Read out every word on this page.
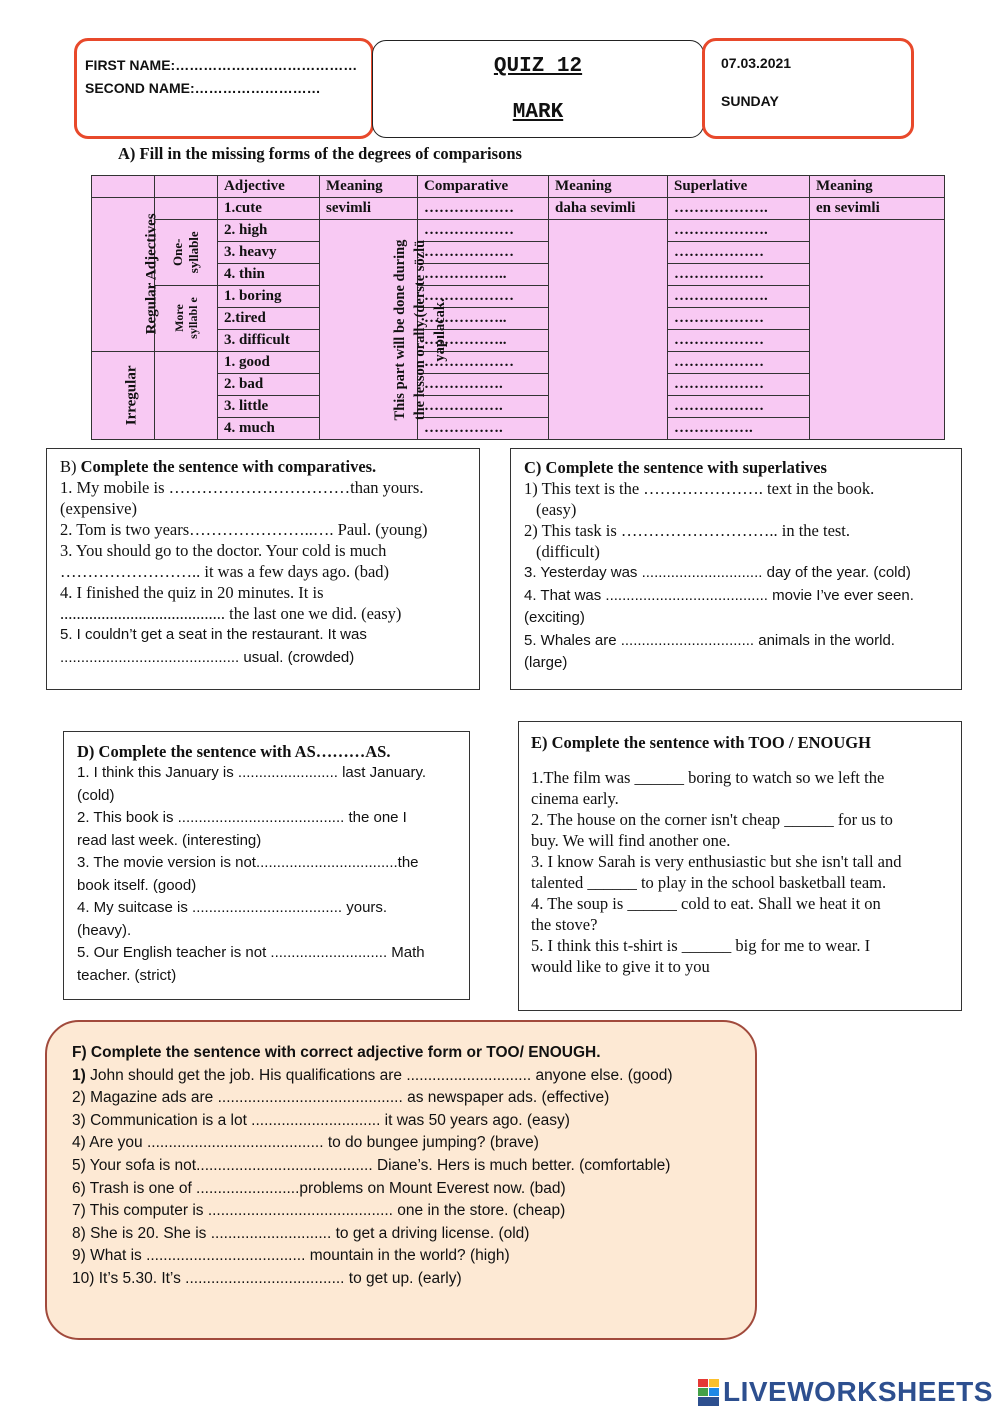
FIRST NAME:…………………………………
SECOND NAME:………………………
QUIZ 12
MARK
07.03.2021
SUNDAY
A) Fill in the missing forms of the degrees of comparisons
		Adjective	Meaning	Comparative	Meaning	Superlative	Meaning
Regular Adjectives		1.cute	sevimli	………………	daha sevimli	……………….	en sevimli
	One-syllable	2. high	This part will be done during the lesson orally.(derste sözlü yapılacak.	………………		……………….	
		3. heavy		………………		………………	
		4. thin		……………..		………………	
	More syllabl e	1. boring		………………		……………….	
		2.tired		……………..		………………	
		3. difficult		……………..		………………	
Irregular		1. good		………………		………………	
		2. bad		…………….		………………	
		3. little		…………….		………………	
		4. much		…………….		…………….	

B) Complete the sentence with comparatives.

1. My mobile is ……………………………than yours.

(expensive)

2. Tom is two years…………………..…. Paul. (young)

3. You should go to the doctor. Your cold is much

…………………….. it was a few days ago. (bad)

4. I finished the quiz in 20 minutes. It is

........................................ the last one we did. (easy)

5. I couldn’t get a seat in the restaurant. It was

........................................... usual. (crowded)

C) Complete the sentence with superlatives

1) This text is the …………………. text in the book.

(easy)

2) This task is ……………………….. in the test.

(difficult)

3. Yesterday was ............................. day of the year. (cold)

4. That was ....................................... movie I’ve ever seen.

(exciting)

5. Whales are ................................ animals in the world.

(large)

D) Complete the sentence with AS………AS.

1. I think this January is ........................ last January.

(cold)

2. This book is ........................................ the one I

read last week. (interesting)

3. The movie version is not..................................the

book itself. (good)

4. My suitcase is .................................... yours.

(heavy).

5. Our English teacher is not ............................ Math

teacher. (strict)

E) Complete the sentence with TOO / ENOUGH

1.The film was ______ boring to watch so we left the

cinema early.

2. The house on the corner isn't cheap ______ for us to

buy. We will find another one.

3. I know Sarah is very enthusiastic but she isn't tall and

talented ______ to play in the school basketball team.

4. The soup is ______ cold to eat. Shall we heat it on

the stove?

5. I think this t-shirt is ______ big for me to wear. I

would like to give it to you

F) Complete the sentence with correct adjective form or TOO/ ENOUGH.
1) John should get the job. His qualifications are ............................. anyone else. (good)
2) Magazine ads are ........................................... as newspaper ads. (effective)
3) Communication is a lot .............................. it was 50 years ago. (easy)
4) Are you ......................................... to do bungee jumping? (brave)
5) Your sofa is not......................................... Diane’s. Hers is much better. (comfortable)
6) Trash is one of ........................problems on Mount Everest now. (bad)
7) This computer is ........................................... one in the store. (cheap)
8) She is 20. She is ............................ to get a driving license. (old)
9) What is ..................................... mountain in the world? (high)
10) It’s 5.30. It’s ..................................... to get up. (early)
LIVEWORKSHEETS
